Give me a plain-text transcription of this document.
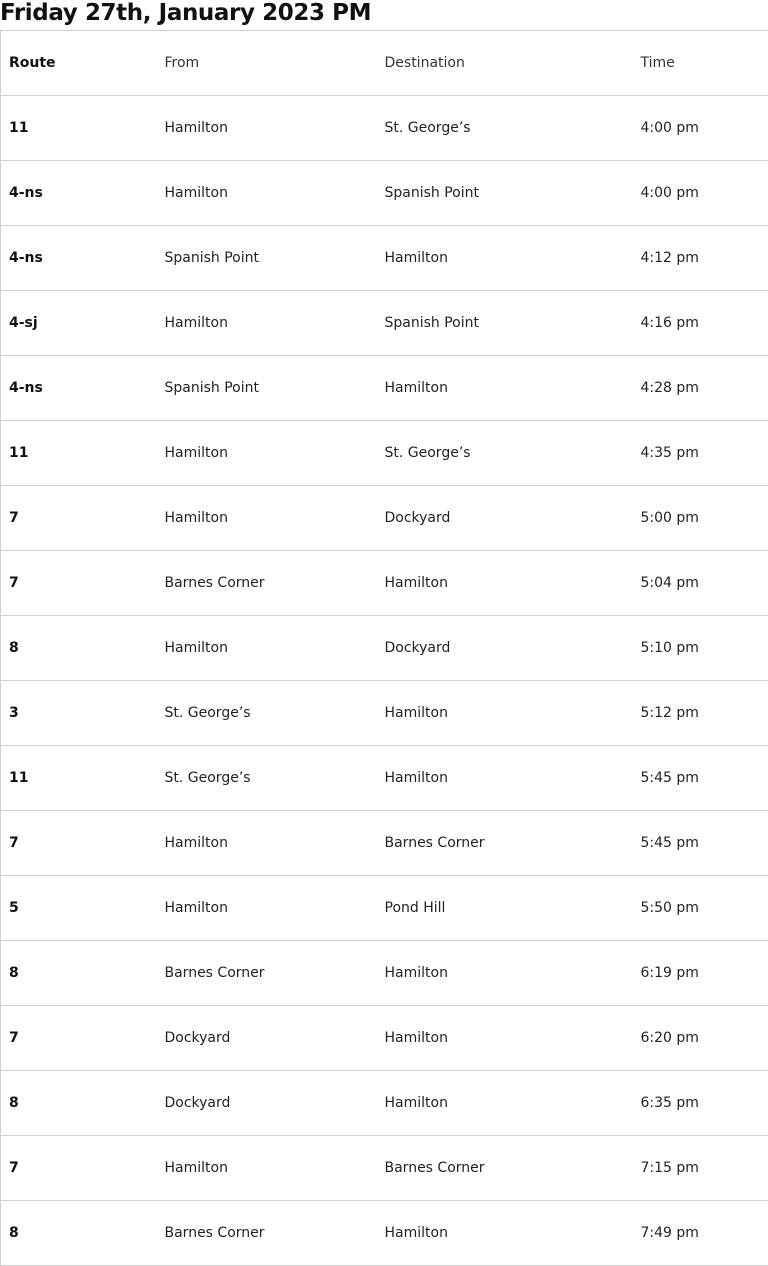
Friday 27th, January 2023 PM
Route	From	Destination	Time
11	Hamilton	St. George’s	4:00 pm
4-ns	Hamilton	Spanish Point	4:00 pm
4-ns	Spanish Point	Hamilton	4:12 pm
4-sj	Hamilton	Spanish Point	4:16 pm
4-ns	Spanish Point	Hamilton	4:28 pm
11	Hamilton	St. George’s	4:35 pm
7	Hamilton	Dockyard	5:00 pm
7	Barnes Corner	Hamilton	5:04 pm
8	Hamilton	Dockyard	5:10 pm
3	St. George’s	Hamilton	5:12 pm
11	St. George’s	Hamilton	5:45 pm
7	Hamilton	Barnes Corner	5:45 pm
5	Hamilton	Pond Hill	5:50 pm
8	Barnes Corner	Hamilton	6:19 pm
7	Dockyard	Hamilton	6:20 pm
8	Dockyard	Hamilton	6:35 pm
7	Hamilton	Barnes Corner	7:15 pm
8	Barnes Corner	Hamilton	7:49 pm
